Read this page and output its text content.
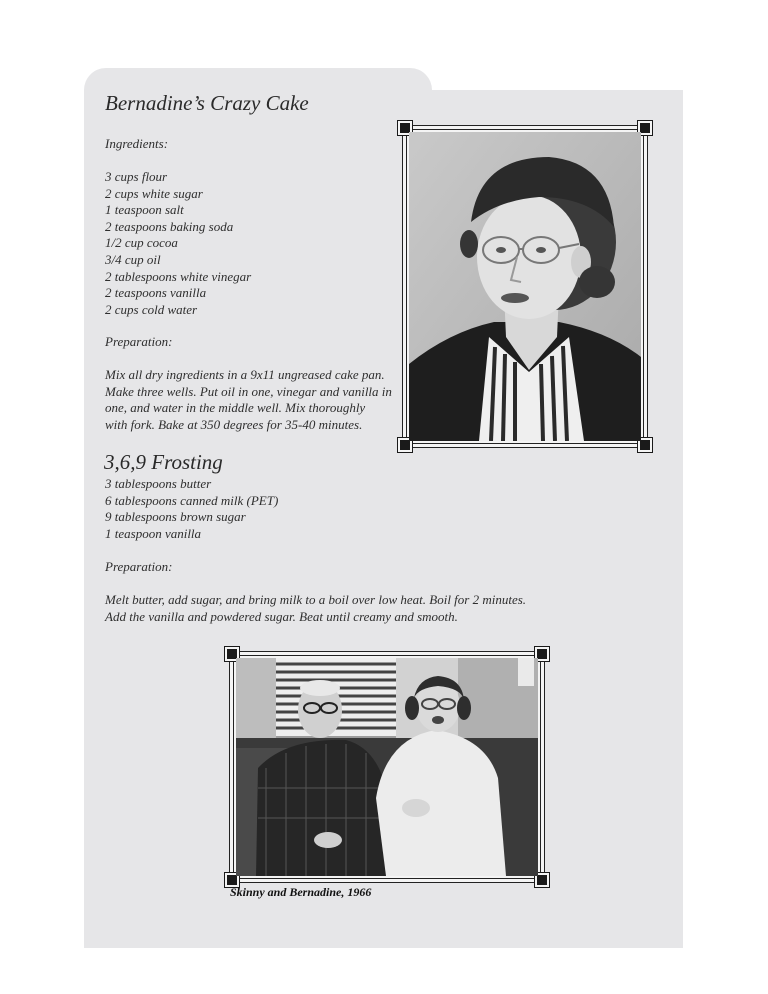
Bernadine’s Crazy Cake
Ingredients:
3 cups flour
2 cups white sugar
1 teaspoon salt
2 teaspoons baking soda
1/2 cup cocoa
3/4 cup oil
2 tablespoons white vinegar
2 teaspoons vanilla
2 cups cold water
Preparation:
Mix all dry ingredients in a 9x11 ungreased cake pan.
Make three wells. Put oil in one, vinegar and vanilla in
one, and water in the middle well. Mix thoroughly
with fork. Bake at 350 degrees for 35-40 minutes.
3,6,9 Frosting
3 tablespoons butter
6 tablespoons canned milk (PET)
9 tablespoons brown sugar
1 teaspoon vanilla
Preparation:
Melt butter, add sugar, and bring milk to a boil over low heat. Boil for 2 minutes.
Add the vanilla and powdered sugar. Beat until creamy and smooth.
Skinny and Bernadine, 1966
